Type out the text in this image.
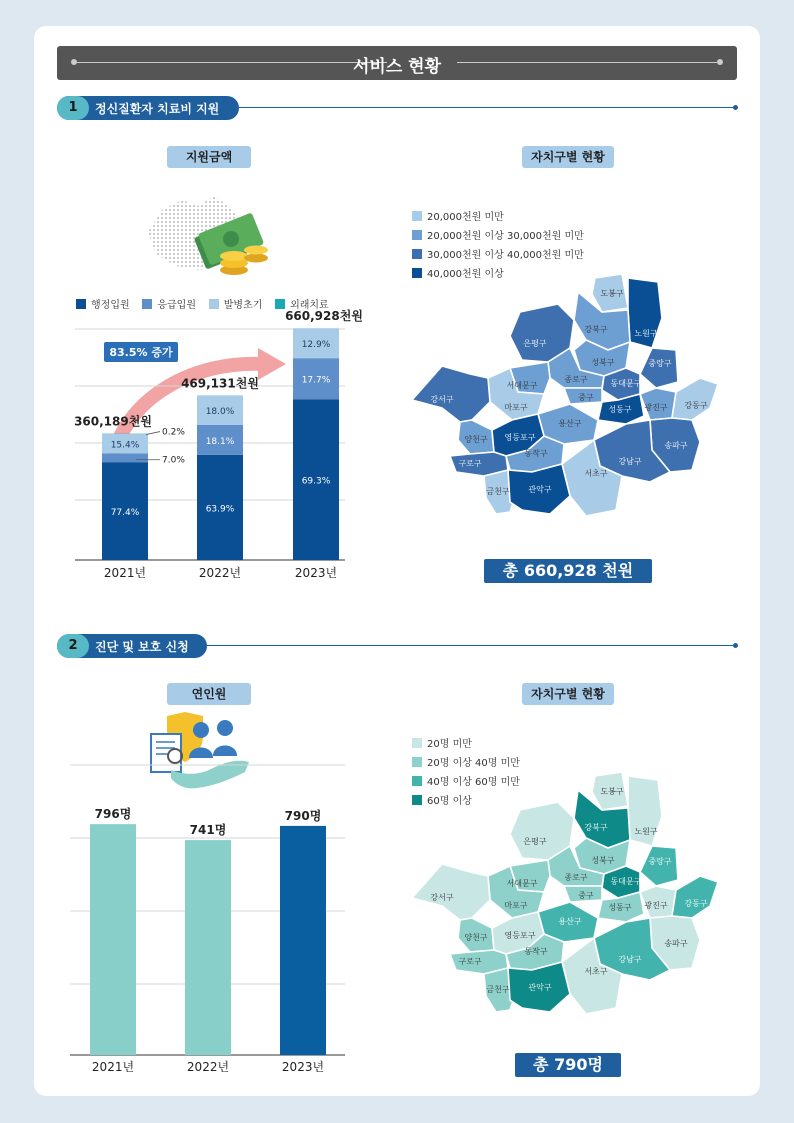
서비스 현황
1	정신질환자 치료비 지원
지원금액	자치구별 현황
행정입원	응급입원	발병초기	외래치료
83.5% 증가
77.4%
15.4%
360,189천원
2021년
63.9%
18.1%
18.0%
469,131천원
2022년
69.3%
17.7%
12.9%
660,928천원
2023년
0.2%
7.0%
20,000천원 미만
20,000천원 이상 30,000천원 미만
30,000천원 이상 40,000천원 미만
40,000천원 이상
도봉구
노원구
강북구
은평구
성북구	중랑구
종로구	동대문구
서대문구
중구
마포구	성동구 광진구 강동구
강서구
용산구
양천구 영등포구
송파구
구로구
동작구
강남구
서초구
금천구 관악구
총 660,928 천원
2	진단 및 보호 신청
연인원	자치구별 현황
796명
2021년
741명
2022년
790명
2023년
20명 미만
20명 이상 40명 미만
40명 이상 60명 미만
60명 이상
도봉구
노원구
강북구
은평구
성북구	중랑구
종로구	동대문구
서대문구
중구
마포구	성동구 광진구 강동구
강서구
용산구
양천구 영등포구
송파구
구로구
동작구
강남구
서초구
금천구 관악구
총 790명
